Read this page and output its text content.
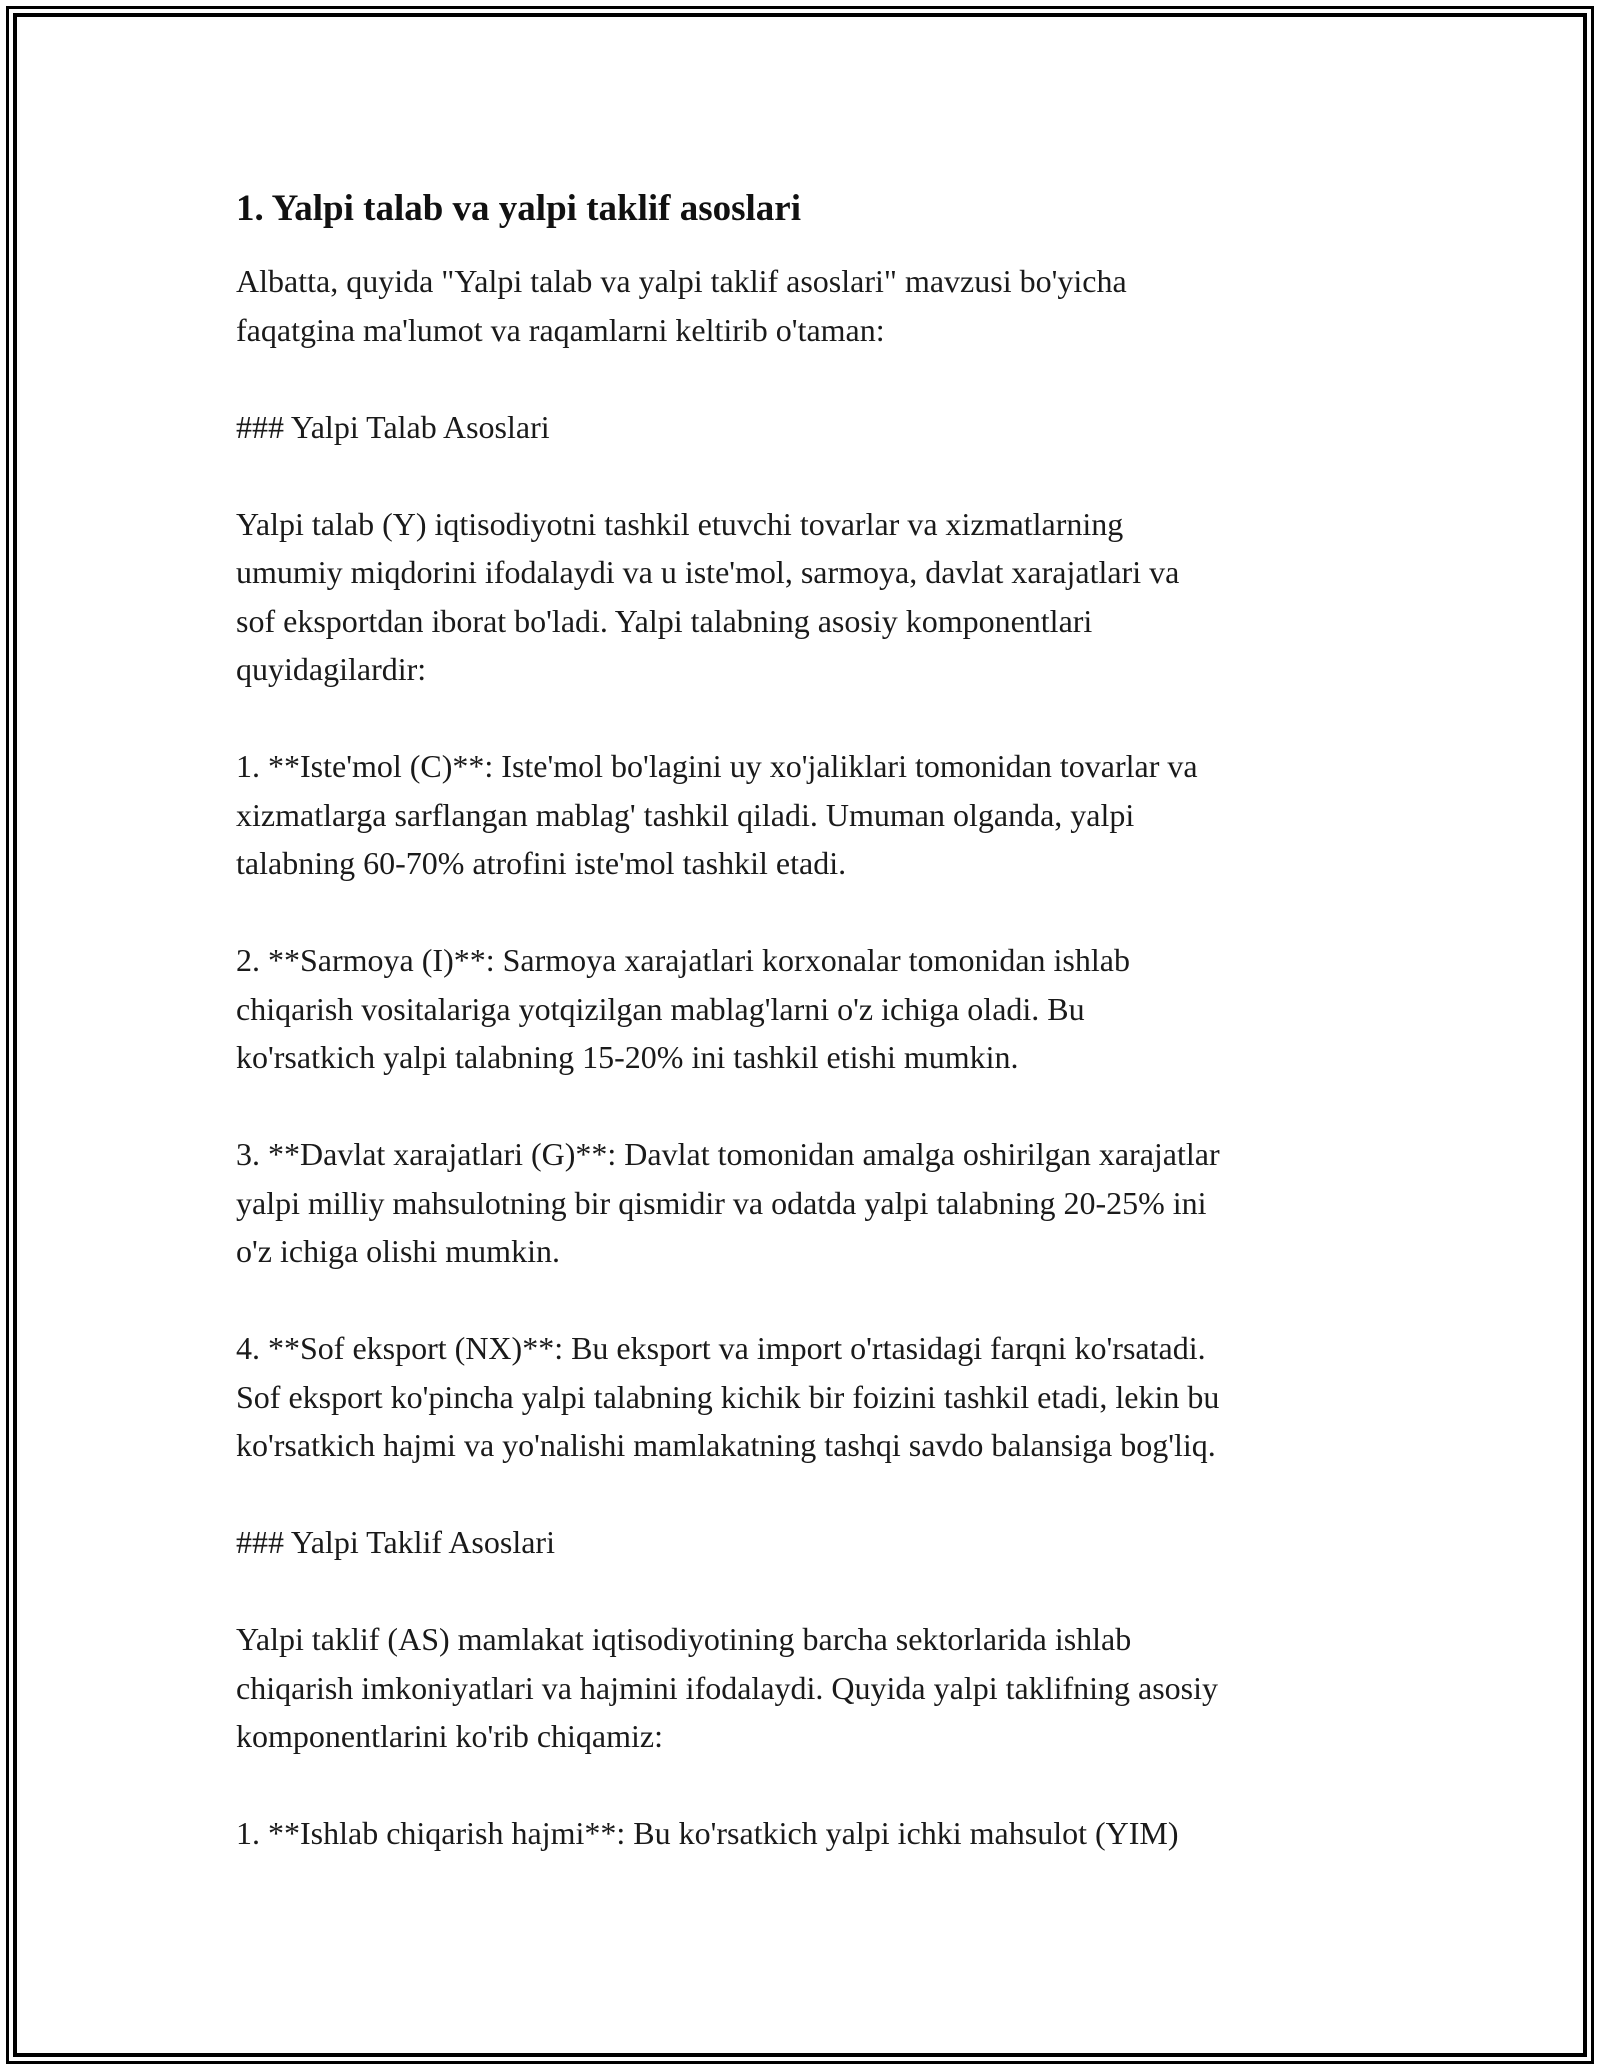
1. Yalpi talab va yalpi taklif asoslari

Albatta, quyida "Yalpi talab va yalpi taklif asoslari" mavzusi bo'yicha
faqatgina ma'lumot va raqamlarni keltirib o'taman:

### Yalpi Talab Asoslari

Yalpi talab (Y) iqtisodiyotni tashkil etuvchi tovarlar va xizmatlarning
umumiy miqdorini ifodalaydi va u iste'mol, sarmoya, davlat xarajatlari va
sof eksportdan iborat bo'ladi. Yalpi talabning asosiy komponentlari
quyidagilardir:

1. **Iste'mol (C)**: Iste'mol bo'lagini uy xo'jaliklari tomonidan tovarlar va
xizmatlarga sarflangan mablag' tashkil qiladi. Umuman olganda, yalpi
talabning 60-70% atrofini iste'mol tashkil etadi.

2. **Sarmoya (I)**: Sarmoya xarajatlari korxonalar tomonidan ishlab
chiqarish vositalariga yotqizilgan mablag'larni o'z ichiga oladi. Bu
ko'rsatkich yalpi talabning 15-20% ini tashkil etishi mumkin.

3. **Davlat xarajatlari (G)**: Davlat tomonidan amalga oshirilgan xarajatlar
yalpi milliy mahsulotning bir qismidir va odatda yalpi talabning 20-25% ini
o'z ichiga olishi mumkin.

4. **Sof eksport (NX)**: Bu eksport va import o'rtasidagi farqni ko'rsatadi.
Sof eksport ko'pincha yalpi talabning kichik bir foizini tashkil etadi, lekin bu
ko'rsatkich hajmi va yo'nalishi mamlakatning tashqi savdo balansiga bog'liq.

### Yalpi Taklif Asoslari

Yalpi taklif (AS) mamlakat iqtisodiyotining barcha sektorlarida ishlab
chiqarish imkoniyatlari va hajmini ifodalaydi. Quyida yalpi taklifning asosiy
komponentlarini ko'rib chiqamiz:

1. **Ishlab chiqarish hajmi**: Bu ko'rsatkich yalpi ichki mahsulot (YIM)
